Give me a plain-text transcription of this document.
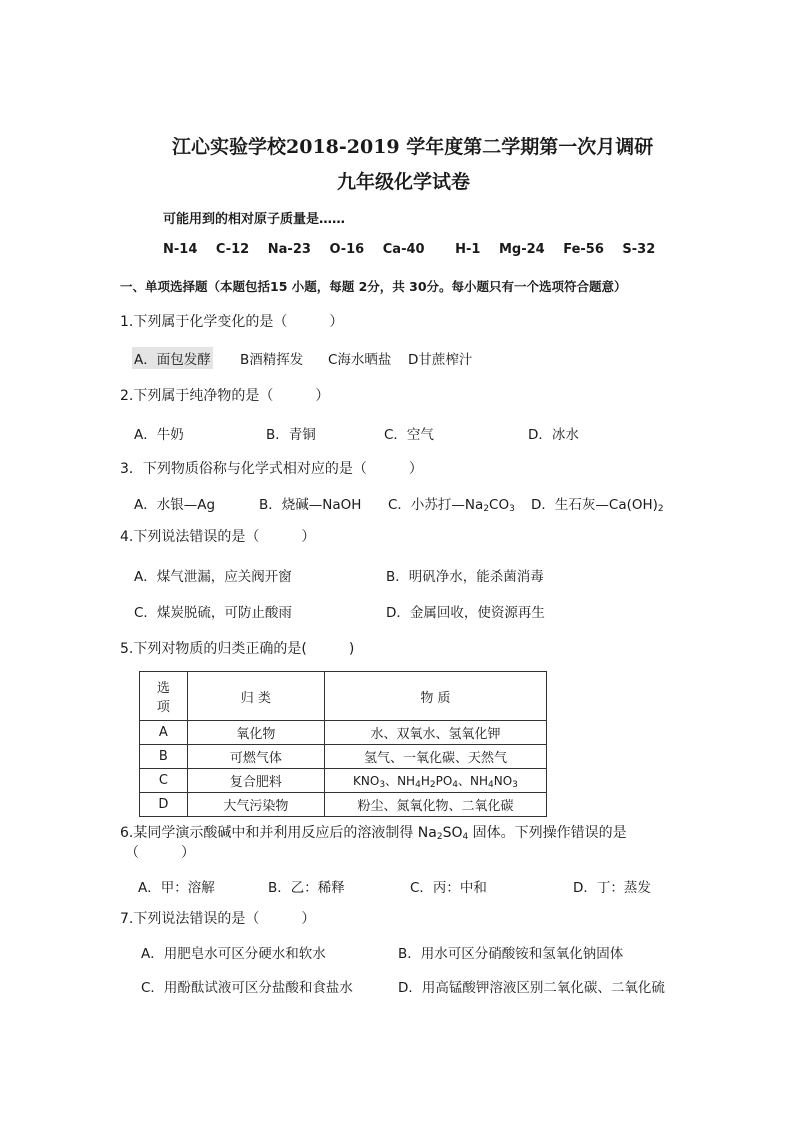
江心实验学校2018-2019 学年度第二学期第一次月调研
九年级化学试卷
可能用到的相对原子质量是……
N-14 C-12 Na-23 O-16 Ca-40 H-1 Mg-24 Fe-56 S-32
一、单项选择题（本题包括15 小题，每题 2分，共 30分。每小题只有一个选项符合题意）
1.下列属于化学变化的是（　　　）
A．面包发酵 B酒精挥发 C海水晒盐 D甘蔗榨汁
2.下列属于纯净物的是（　　　）
A．牛奶	B．青铜	C．空气	D．冰水
3．下列物质俗称与化学式相对应的是（　　　）
A．水银—Ag	B．烧碱—NaOH C．小苏打$—Na_2CO_3$ D．生石灰$—Ca(OH)_2$
4.下列说法错误的是（　　　）
A．煤气泄漏，应关阀开窗	B．明矾净水，能杀菌消毒
C．煤炭脱硫，可防止酸雨	D．金属回收，使资源再生
5.下列对物质的归类正确的是(　　　)
选
项	归 类	物 质
A	氧化物	水、双氧水、氢氧化钾
B	可燃气体	氢气、一氧化碳、天然气
C	复合肥料	$KNO_3$、$NH_4H_2PO_4$、$NH_4NO_3$
D	大气污染物	粉尘、氮氧化物、二氧化碳
6.某同学演示酸碱中和并利用反应后的溶液制得 $Na_2SO_4$ 固体。下列操作错误的是
（　　　）
A．甲：溶解	B．乙：稀释	C．丙：中和	D．丁：蒸发
7.下列说法错误的是（　　　）
A．用肥皂水可区分硬水和软水	B．用水可区分硝酸铵和氢氧化钠固体
C．用酚酞试液可区分盐酸和食盐水	D．用高锰酸钾溶液区别二氧化碳、二氧化硫
